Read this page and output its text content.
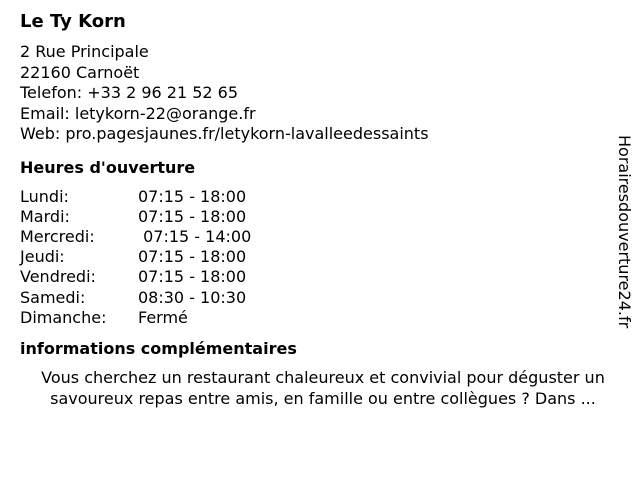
Le Ty Korn
2 Rue Principale
22160 Carnoët
Telefon: +33 2 96 21 52 65
Email: letykorn-22@orange.fr
Web: pro.pagesjaunes.fr/letykorn-lavalleedessaints
Heures d'ouverture
Lundi:	07:15 - 18:00
Mardi:	07:15 - 18:00
Mercredi:	07:15 - 14:00
Jeudi:	07:15 - 18:00
Vendredi:	07:15 - 18:00
Samedi:	08:30 - 10:30
Dimanche:	Fermé
informations complémentaires
Vous cherchez un restaurant chaleureux et convivial pour déguster un
savoureux repas entre amis, en famille ou entre collègues ? Dans ...
Horairesdouverture24.fr
